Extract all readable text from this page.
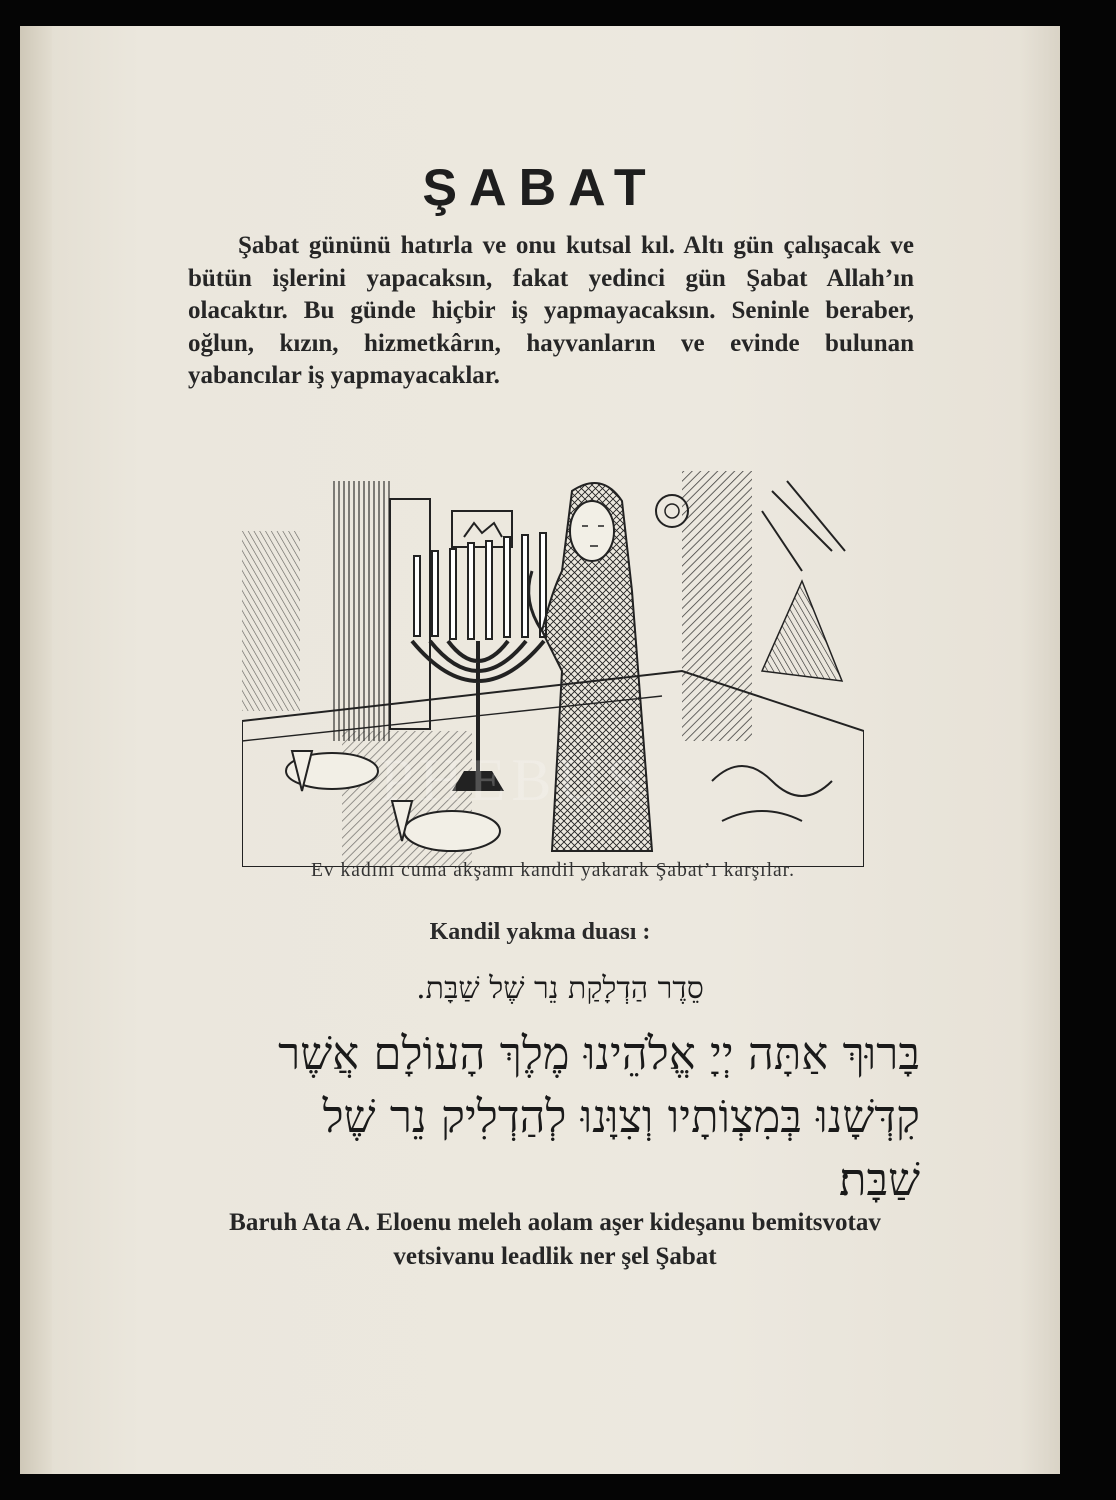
ŞABAT

Şabat gününü hatırla ve onu kutsal kıl. Altı gün çalışacak ve bütün işlerini yapacaksın, fakat yedinci gün Şabat Allah’ın olacaktır. Bu günde hiçbir iş yapmayacaksın. Seninle beraber, oğlun, kızın, hizmetkârın, hayvanların ve evinde bulunan yabancılar iş yapmayacaklar.

PHEBUS
Ev kadını cuma akşamı kandil yakarak Şabat’ı karşılar.
Kandil yakma duası :
סֵדֶר הַדְלָקַת נֵר שֶׁל שַׁבָּת.
בָּרוּךְ אַתָּה יְיָ אֱלֹהֵינוּ מֶלֶךְ הָעוֹלָם אֲשֶׁר
קִדְּשָׁנוּ בְּמִצְוֹתָיו וְצִוָּנוּ לְהַדְלִיק נֵר שֶׁל
שַׁבָּת׃

Baruh Ata A. Eloenu meleh aolam aşer kideşanu bemitsvotav vetsivanu leadlik ner şel Şabat
